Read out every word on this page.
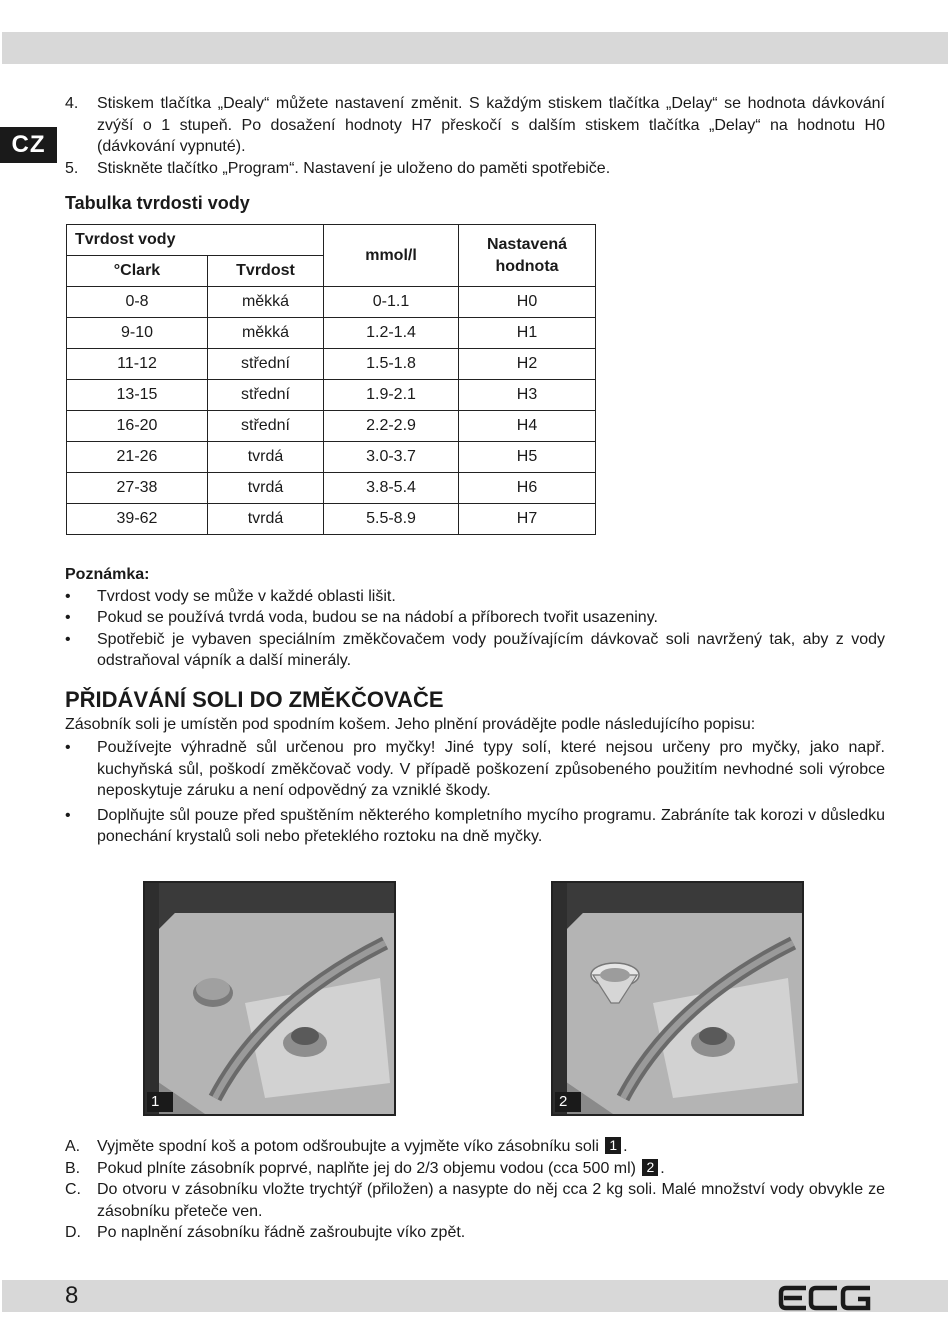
CZ
4. Stiskem tlačítka „Dealy“ můžete nastavení změnit. S každým stiskem tlačítka „Delay“ se hodnota dávkování zvýší o 1 stupeň. Po dosažení hodnoty H7 přeskočí s dalším stiskem tlačítka „Delay“ na hodnotu H0 (dávkování vypnuté).
5. Stiskněte tlačítko „Program“. Nastavení je uloženo do paměti spotřebiče.
Tabulka tvrdosti vody
Tvrdost vody		mmol/l	Nastavená hodnota
°Clark	Tvrdost		
0-8	měkká	0-1.1	H0
9-10	měkká	1.2-1.4	H1
11-12	střední	1.5-1.8	H2
13-15	střední	1.9-2.1	H3
16-20	střední	2.2-2.9	H4
21-26	tvrdá	3.0-3.7	H5
27-38	tvrdá	3.8-5.4	H6
39-62	tvrdá	5.5-8.9	H7
Poznámka:
• Tvrdost vody se může v každé oblasti lišit.
• Pokud se používá tvrdá voda, budou se na nádobí a příborech tvořit usazeniny.
• Spotřebič je vybaven speciálním změkčovačem vody používajícím dávkovač soli navržený tak, aby z vody odstraňoval vápník a další minerály.
PŘIDÁVÁNÍ SOLI DO ZMĚKČOVAČE
Zásobník soli je umístěn pod spodním košem. Jeho plnění provádějte podle následujícího popisu:
• Používejte výhradně sůl určenou pro myčky! Jiné typy solí, které nejsou určeny pro myčky, jako např. kuchyňská sůl, poškodí změkčovač vody. V případě poškození způsobeného použitím nevhodné soli výrobce neposkytuje záruku a není odpovědný za vzniklé škody.
• Doplňujte sůl pouze před spuštěním některého kompletního mycího programu. Zabráníte tak korozi v důsledku ponechání krystalů soli nebo přeteklého roztoku na dně myčky.
1	2
A. Vyjměte spodní koš a potom odšroubujte a vyjměte víko zásobníku soli 1 .
B. Pokud plníte zásobník poprvé, naplňte jej do 2/3 objemu vodou (cca 500 ml) 2 .
C. Do otvoru v zásobníku vložte trychtýř (přiložen) a nasypte do něj cca 2 kg soli. Malé množství vody obvykle ze zásobníku přeteče ven.
D. Po naplnění zásobníku řádně zašroubujte víko zpět.
8
